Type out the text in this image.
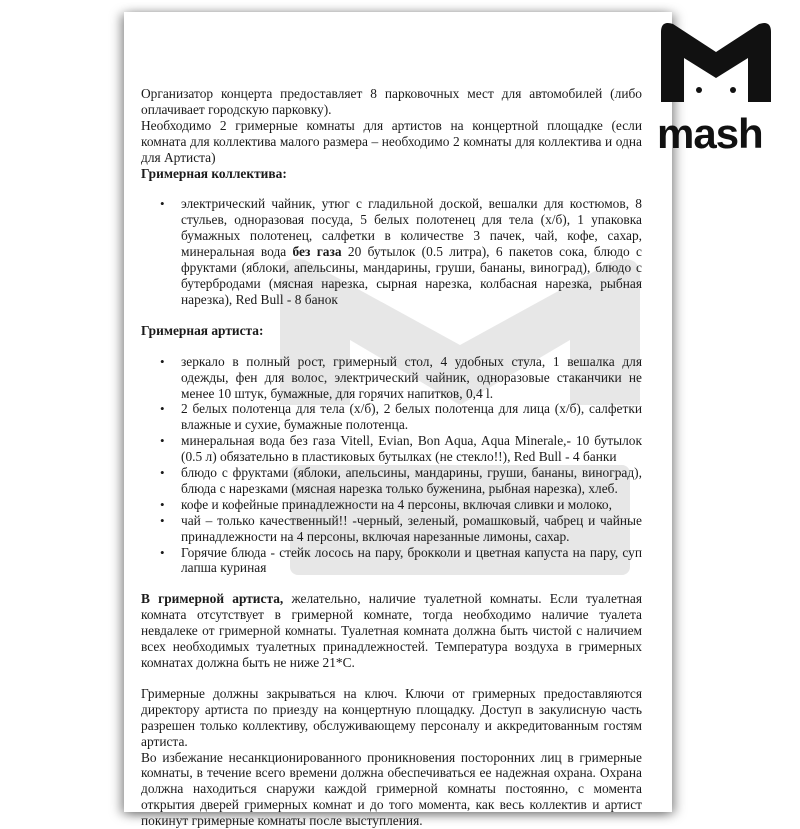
Организатор концерта предоставляет 8 парковочных мест для автомобилей (либо оплачивает городскую парковку).

Необходимо 2 гримерные комнаты для артистов на концертной площадке (если комната для коллектива малого размера – необходимо 2 комнаты для коллектива и одна для Артиста)

Гримерная коллектива:

• электрический чайник, утюг с гладильной доской, вешалки для костюмов, 8 стульев, одноразовая посуда, 5 белых полотенец для тела (х/б), 1 упаковка бумажных полотенец, салфетки в количестве 3 пачек, чай, кофе, сахар, минеральная вода без газа 20 бутылок (0.5 литра), 6 пакетов сока, блюдо с фруктами (яблоки, апельсины, мандарины, груши, бананы, виноград), блюдо с бутербродами (мясная нарезка, сырная нарезка, колбасная нарезка, рыбная нарезка), Red Bull - 8 банок

Гримерная артиста:

• зеркало в полный рост, гримерный стол, 4 удобных стула, 1 вешалка для одежды, фен для волос, электрический чайник, одноразовые стаканчики не менее 10 штук, бумажные, для горячих напитков, 0,4 l.
• 2 белых полотенца для тела (х/б), 2 белых полотенца для лица (х/б), салфетки влажные и сухие, бумажные полотенца.
• минеральная вода без газа Vitell, Evian, Bon Aqua, Aqua Minerale,- 10 бутылок (0.5 л) обязательно в пластиковых бутылках (не стекло!!), Red Bull - 4 банки
• блюдо с фруктами (яблоки, апельсины, мандарины, груши, бананы, виноград), блюда с нарезками (мясная нарезка только буженина, рыбная нарезка), хлеб.
• кофе и кофейные принадлежности на 4 персоны, включая сливки и молоко,
• чай – только качественный!! -черный, зеленый, ромашковый, чабрец и чайные принадлежности на 4 персоны, включая нарезанные лимоны, сахар.
• Горячие блюда - стейк лосось на пару, брокколи и цветная капуста на пару, суп лапша куриная

В гримерной артиста, желательно, наличие туалетной комнаты. Если туалетная комната отсутствует в гримерной комнате, тогда необходимо наличие туалета невдалеке от гримерной комнаты. Туалетная комната должна быть чистой с наличием всех необходимых туалетных принадлежностей. Температура воздуха в гримерных комнатах должна быть не ниже 21*С.

Гримерные должны закрываться на ключ. Ключи от гримерных предоставляются директору артиста по приезду на концертную площадку. Доступ в закулисную часть разрешен только коллективу, обслуживающему персоналу и аккредитованным гостям артиста.

Во избежание несанкционированного проникновения посторонних лиц в гримерные комнаты, в течение всего времени должна обеспечиваться ее надежная охрана. Охрана должна находиться снаружи каждой гримерной комнаты постоянно, с момента открытия дверей гримерных комнат и до того момента, как весь коллектив и артист покинут гримерные комнаты после выступления.

mash
